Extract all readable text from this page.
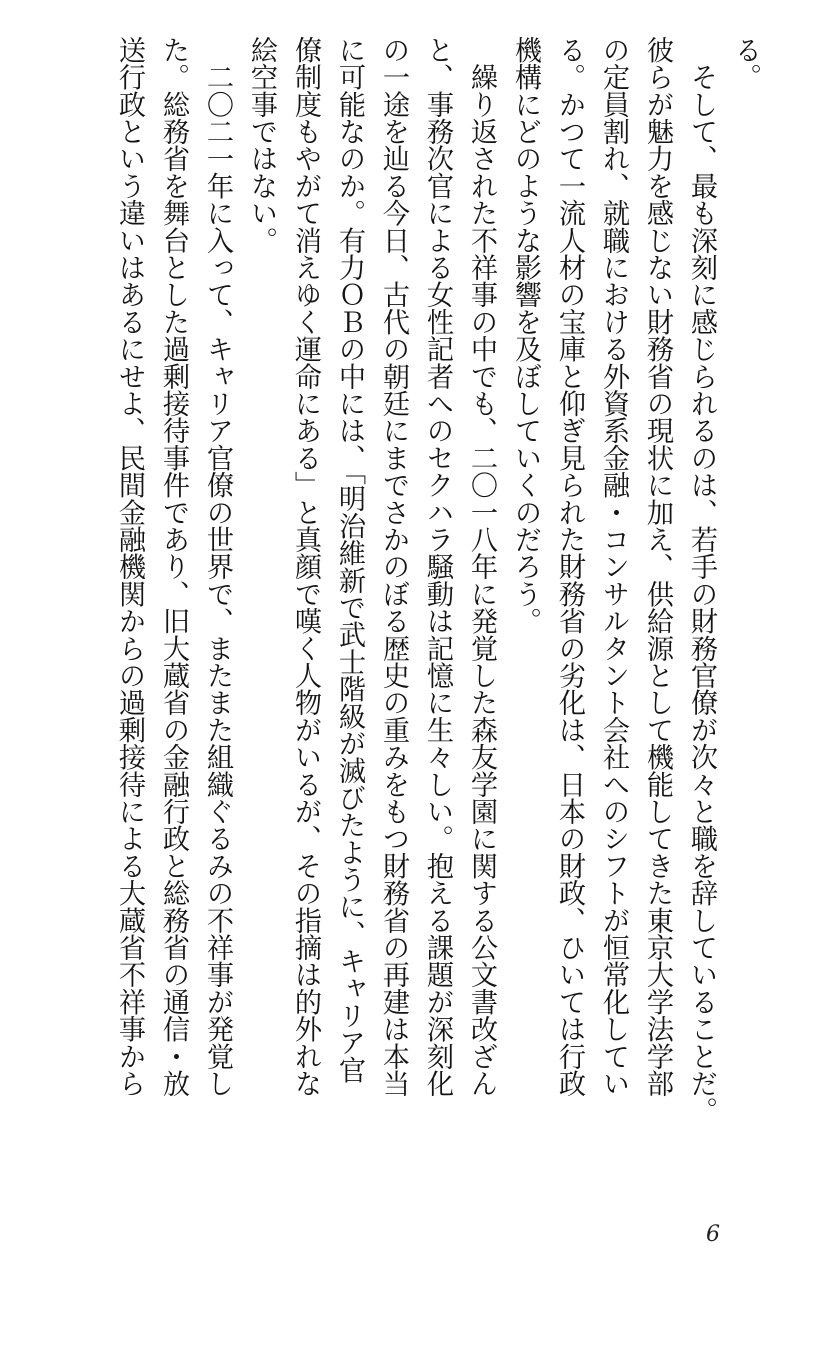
る。
　そして、最も深刻に感じられるのは、若手の財務官僚が次々と職を辞していることだ。
彼らが魅力を感じない財務省の現状に加え、供給源として機能してきた東京大学法学部
の定員割れ、就職における外資系金融・コンサルタント会社へのシフトが恒常化してい
る。かつて一流人材の宝庫と仰ぎ見られた財務省の劣化は、日本の財政、ひいては行政
機構にどのような影響を及ぼしていくのだろう。
　繰り返された不祥事の中でも、二〇一八年に発覚した森友学園に関する公文書改ざん
と、事務次官による女性記者へのセクハラ騒動は記憶に生々しい。抱える課題が深刻化
の一途を辿る今日、古代の朝廷にまでさかのぼる歴史の重みをもつ財務省の再建は本当
に可能なのか。有力ＯＢの中には、「明治維新で武士階級が滅びたように、キャリア官
僚制度もやがて消えゆく運命にある」と真顔で嘆く人物がいるが、その指摘は的外れな
絵空事ではない。
　二〇二一年に入って、キャリア官僚の世界で、またまた組織ぐるみの不祥事が発覚し
た。総務省を舞台とした過剰接待事件であり、旧大蔵省の金融行政と総務省の通信・放
送行政という違いはあるにせよ、民間金融機関からの過剰接待による大蔵省不祥事から
6
